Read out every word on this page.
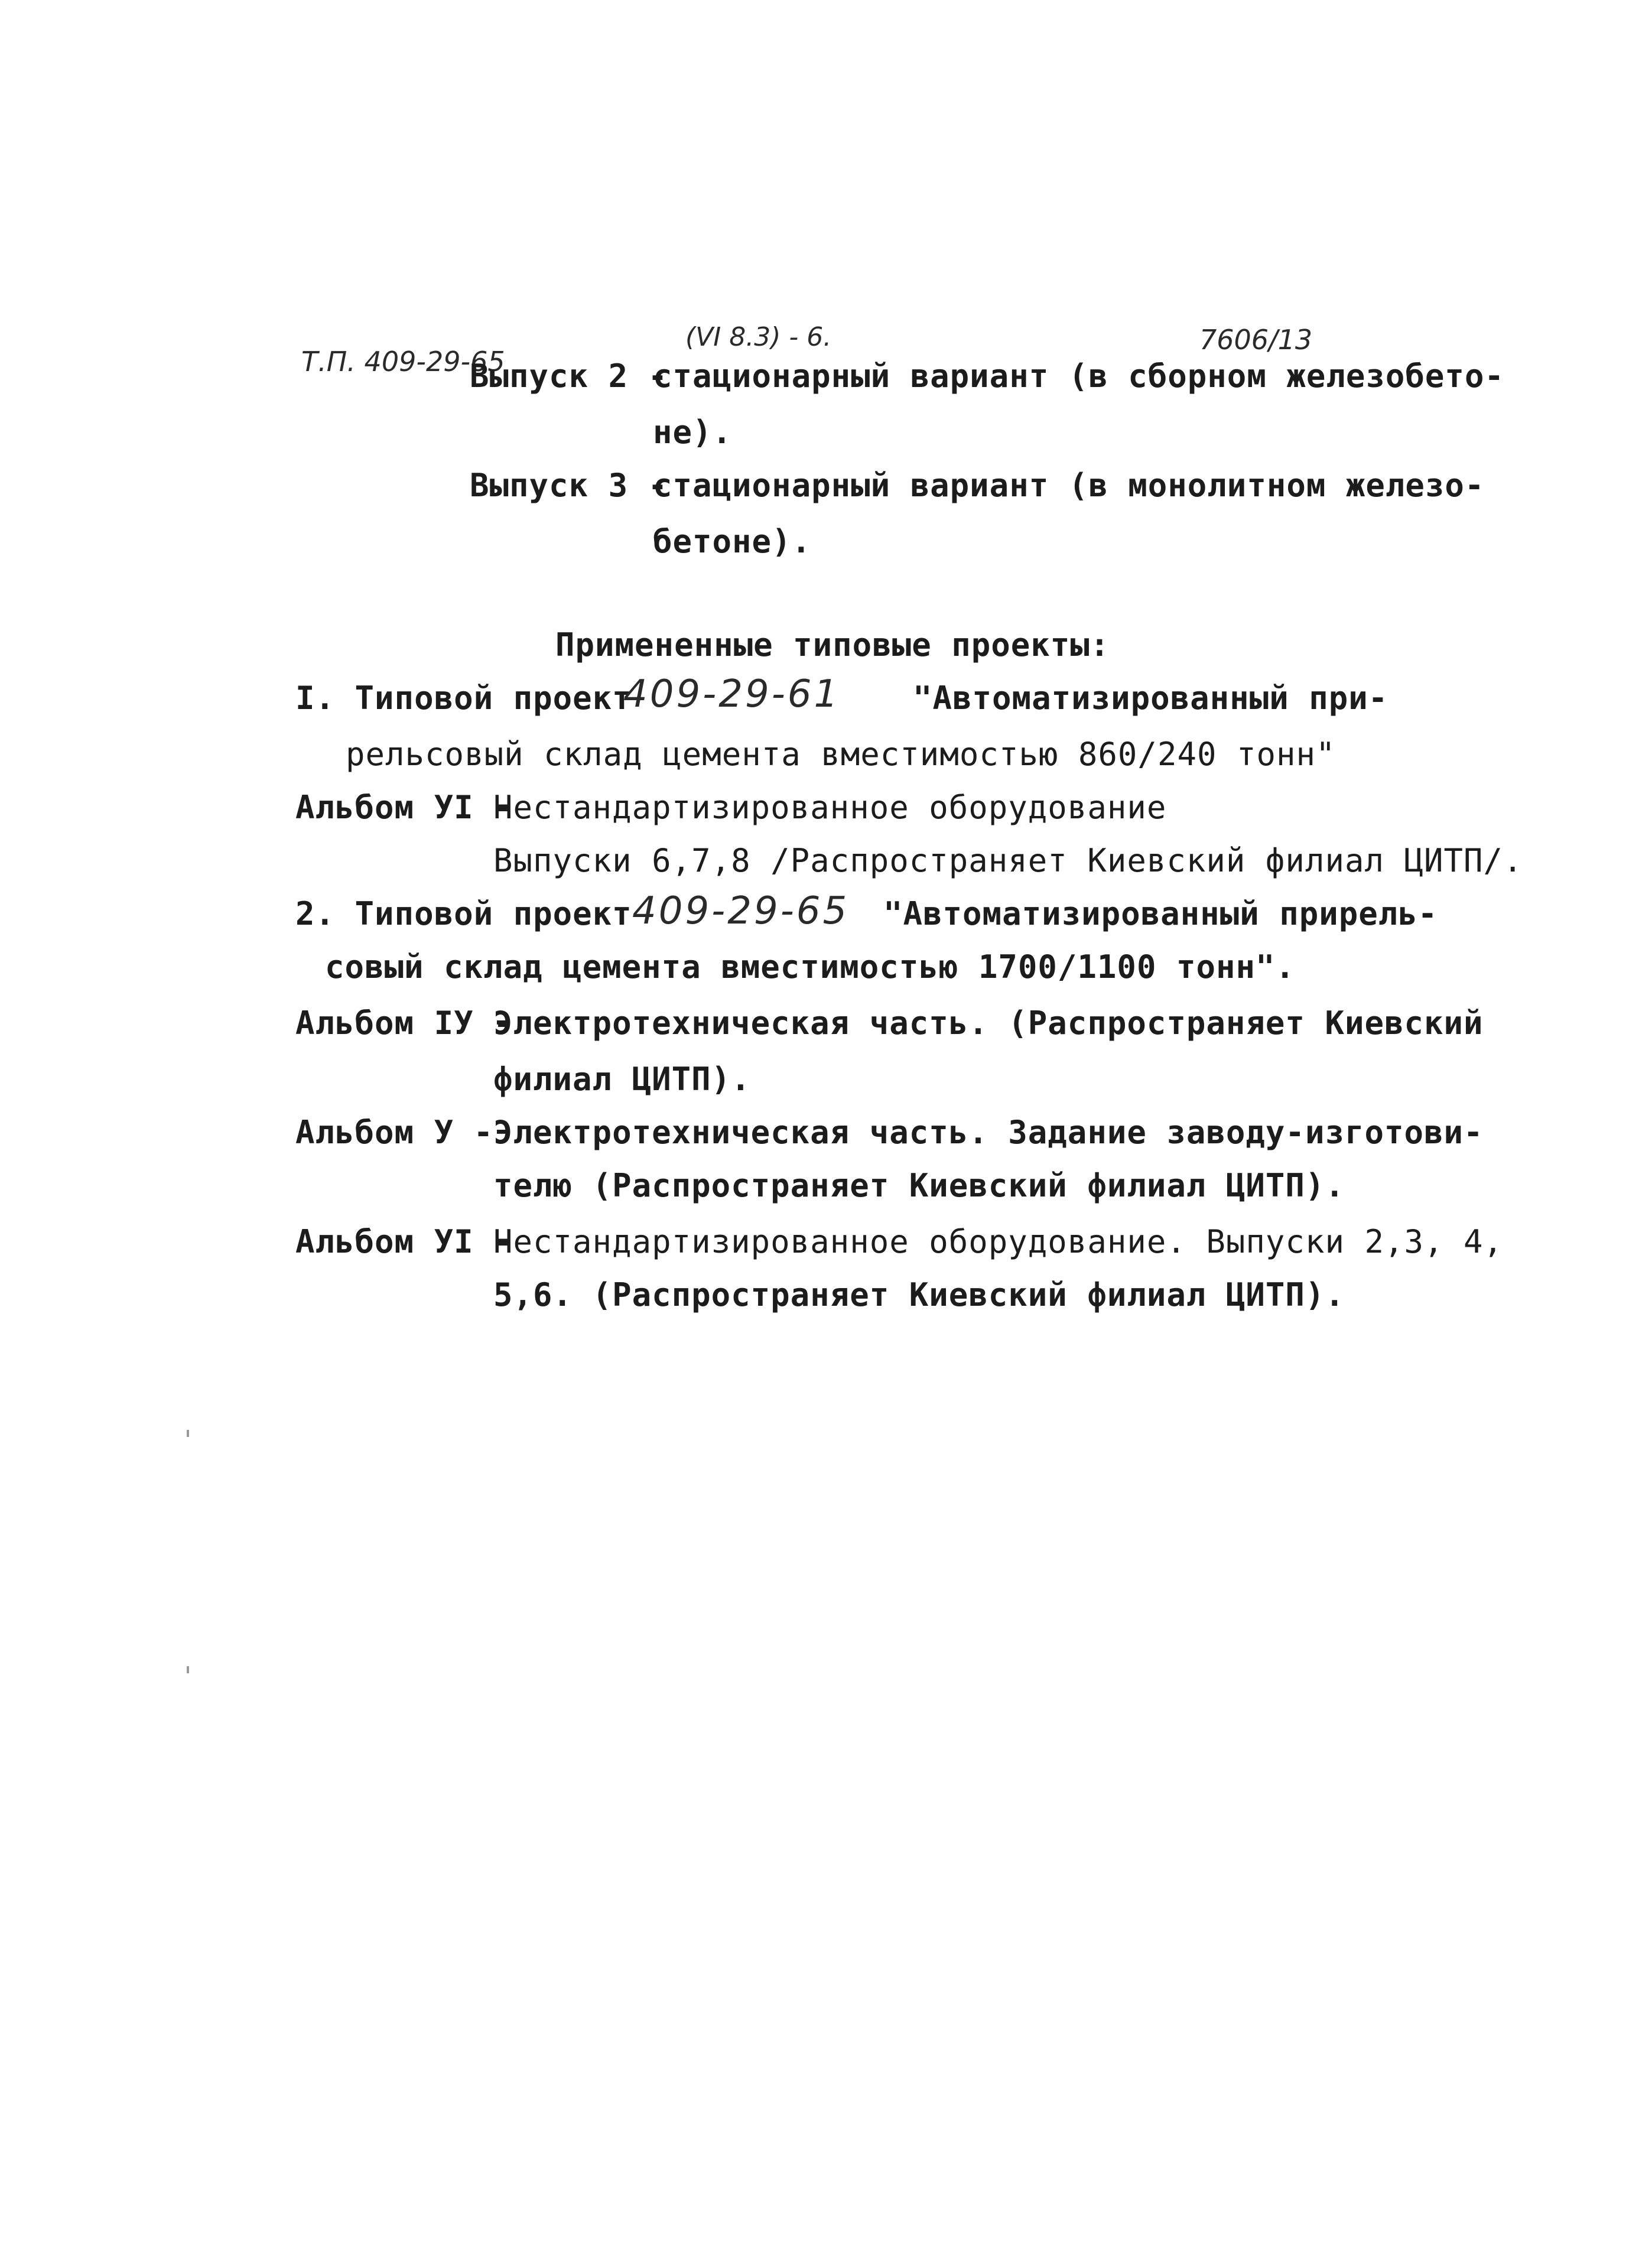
Т.П. 409-29-65
(VI 8.3) - 6.	7606/13
Выпуск 2 -
стационарный вариант (в сборном железобето-
не).
Выпуск 3 -
стационарный вариант (в монолитном железо-
бетоне).
Примененные типовые проекты:
I. Типовой проект
409-29-61 "Автоматизированный при-
рельсовый склад цемента вместимостью 860/240 тонн"
Альбом УI -
Нестандартизированное оборудование
Выпуски 6,7,8 /Распространяет Киевский филиал ЦИТП/.
2. Типовой проект 409-29-65 "Автоматизированный прирель-
совый склад цемента вместимостью 1700/1100 тонн".
Альбом IУ -
Электротехническая часть. (Распространяет Киевский
филиал ЦИТП).
Альбом У - Электротехническая часть. Задание заводу-изготови-
телю (Распространяет Киевский филиал ЦИТП).
Альбом УI -
Нестандартизированное оборудование. Выпуски 2,3, 4,
5,6. (Распространяет Киевский филиал ЦИТП).
